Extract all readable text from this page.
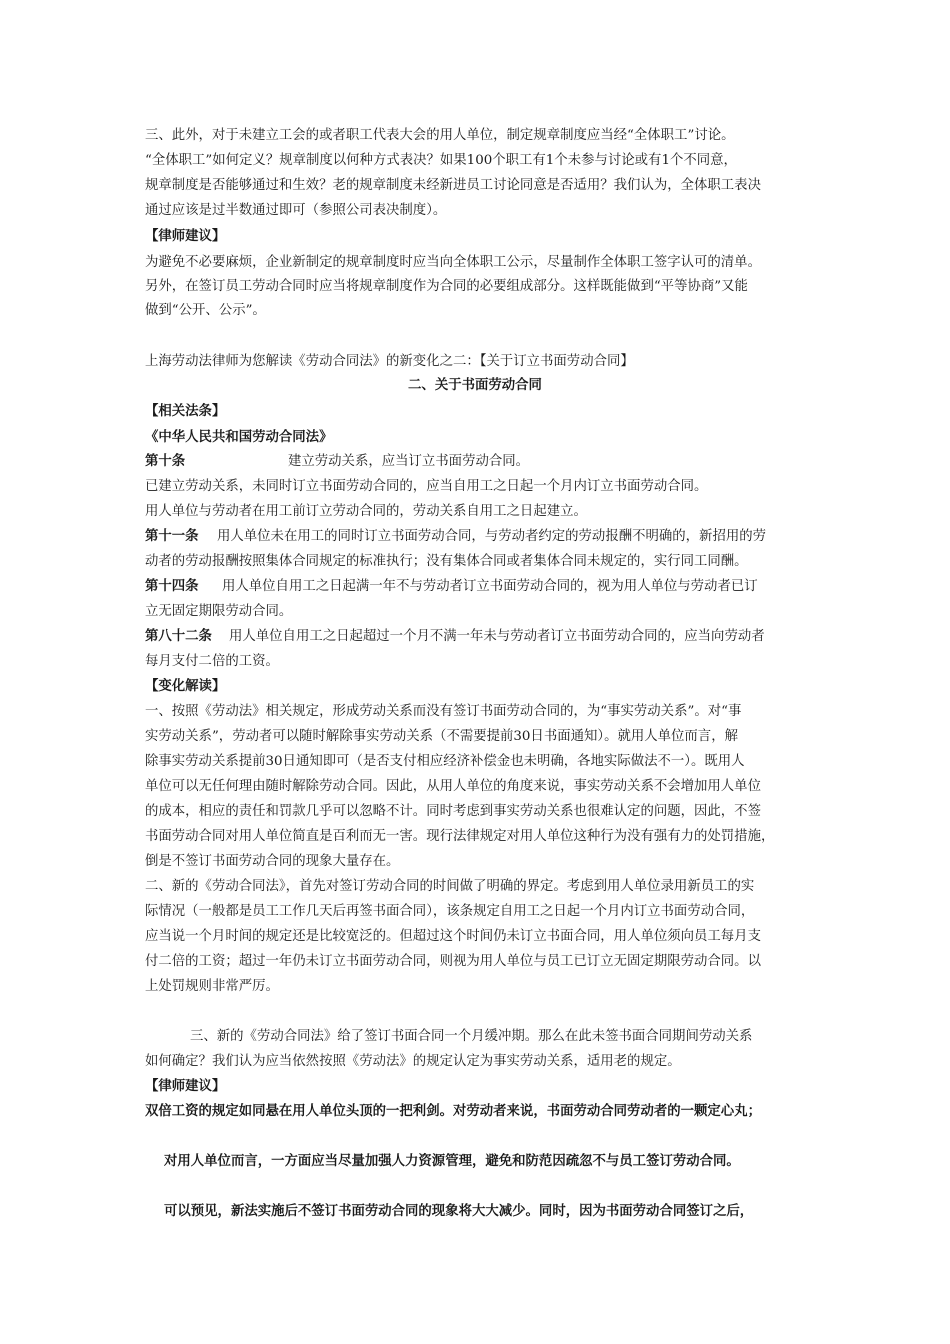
三、此外，对于未建立工会的或者职工代表大会的用人单位，制定规章制度应当经“全体职工”讨论。
“全体职工”如何定义？规章制度以何种方式表决？如果100个职工有1个未参与讨论或有1个不同意，
规章制度是否能够通过和生效？老的规章制度未经新进员工讨论同意是否适用？我们认为，全体职工表决
通过应该是过半数通过即可（参照公司表决制度）。
【律师建议】
为避免不必要麻烦，企业新制定的规章制度时应当向全体职工公示，尽量制作全体职工签字认可的清单。
另外，在签订员工劳动合同时应当将规章制度作为合同的必要组成部分。这样既能做到“平等协商”又能
做到“公开、公示”。
上海劳动法律师为您解读《劳动合同法》的新变化之二：【关于订立书面劳动合同】
二、关于书面劳动合同
【相关法条】
《中华人民共和国劳动合同法》
第十条	建立劳动关系，应当订立书面劳动合同。
已建立劳动关系，未同时订立书面劳动合同的，应当自用工之日起一个月内订立书面劳动合同。
用人单位与劳动者在用工前订立劳动合同的，劳动关系自用工之日起建立。
第十一条 用人单位未在用工的同时订立书面劳动合同，与劳动者约定的劳动报酬不明确的，新招用的劳
动者的劳动报酬按照集体合同规定的标准执行；没有集体合同或者集体合同未规定的，实行同工同酬。
第十四条 用人单位自用工之日起满一年不与劳动者订立书面劳动合同的，视为用人单位与劳动者已订
立无固定期限劳动合同。
第八十二条 用人单位自用工之日起超过一个月不满一年未与劳动者订立书面劳动合同的，应当向劳动者
每月支付二倍的工资。
【变化解读】
一、按照《劳动法》相关规定，形成劳动关系而没有签订书面劳动合同的，为“事实劳动关系”。对“事
实劳动关系”，劳动者可以随时解除事实劳动关系（不需要提前30日书面通知）。就用人单位而言，解
除事实劳动关系提前30日通知即可（是否支付相应经济补偿金也未明确，各地实际做法不一）。既用人
单位可以无任何理由随时解除劳动合同。因此，从用人单位的角度来说，事实劳动关系不会增加用人单位
的成本，相应的责任和罚款几乎可以忽略不计。同时考虑到事实劳动关系也很难认定的问题，因此，不签
书面劳动合同对用人单位简直是百利而无一害。现行法律规定对用人单位这种行为没有强有力的处罚措施，
倒是不签订书面劳动合同的现象大量存在。
二、新的《劳动合同法》，首先对签订劳动合同的时间做了明确的界定。考虑到用人单位录用新员工的实
际情况（一般都是员工工作几天后再签书面合同），该条规定自用工之日起一个月内订立书面劳动合同，
应当说一个月时间的规定还是比较宽泛的。但超过这个时间仍未订立书面合同，用人单位须向员工每月支
付二倍的工资；超过一年仍未订立书面劳动合同，则视为用人单位与员工已订立无固定期限劳动合同。以
上处罚规则非常严厉。
三、新的《劳动合同法》给了签订书面合同一个月缓冲期。那么在此未签书面合同期间劳动关系
如何确定？我们认为应当依然按照《劳动法》的规定认定为事实劳动关系，适用老的规定。
【律师建议】
双倍工资的规定如同悬在用人单位头顶的一把利剑。对劳动者来说，书面劳动合同劳动者的一颗定心丸；
对用人单位而言，一方面应当尽量加强人力资源管理，避免和防范因疏忽不与员工签订劳动合同。
可以预见，新法实施后不签订书面劳动合同的现象将大大减少。同时，因为书面劳动合同签订之后，
